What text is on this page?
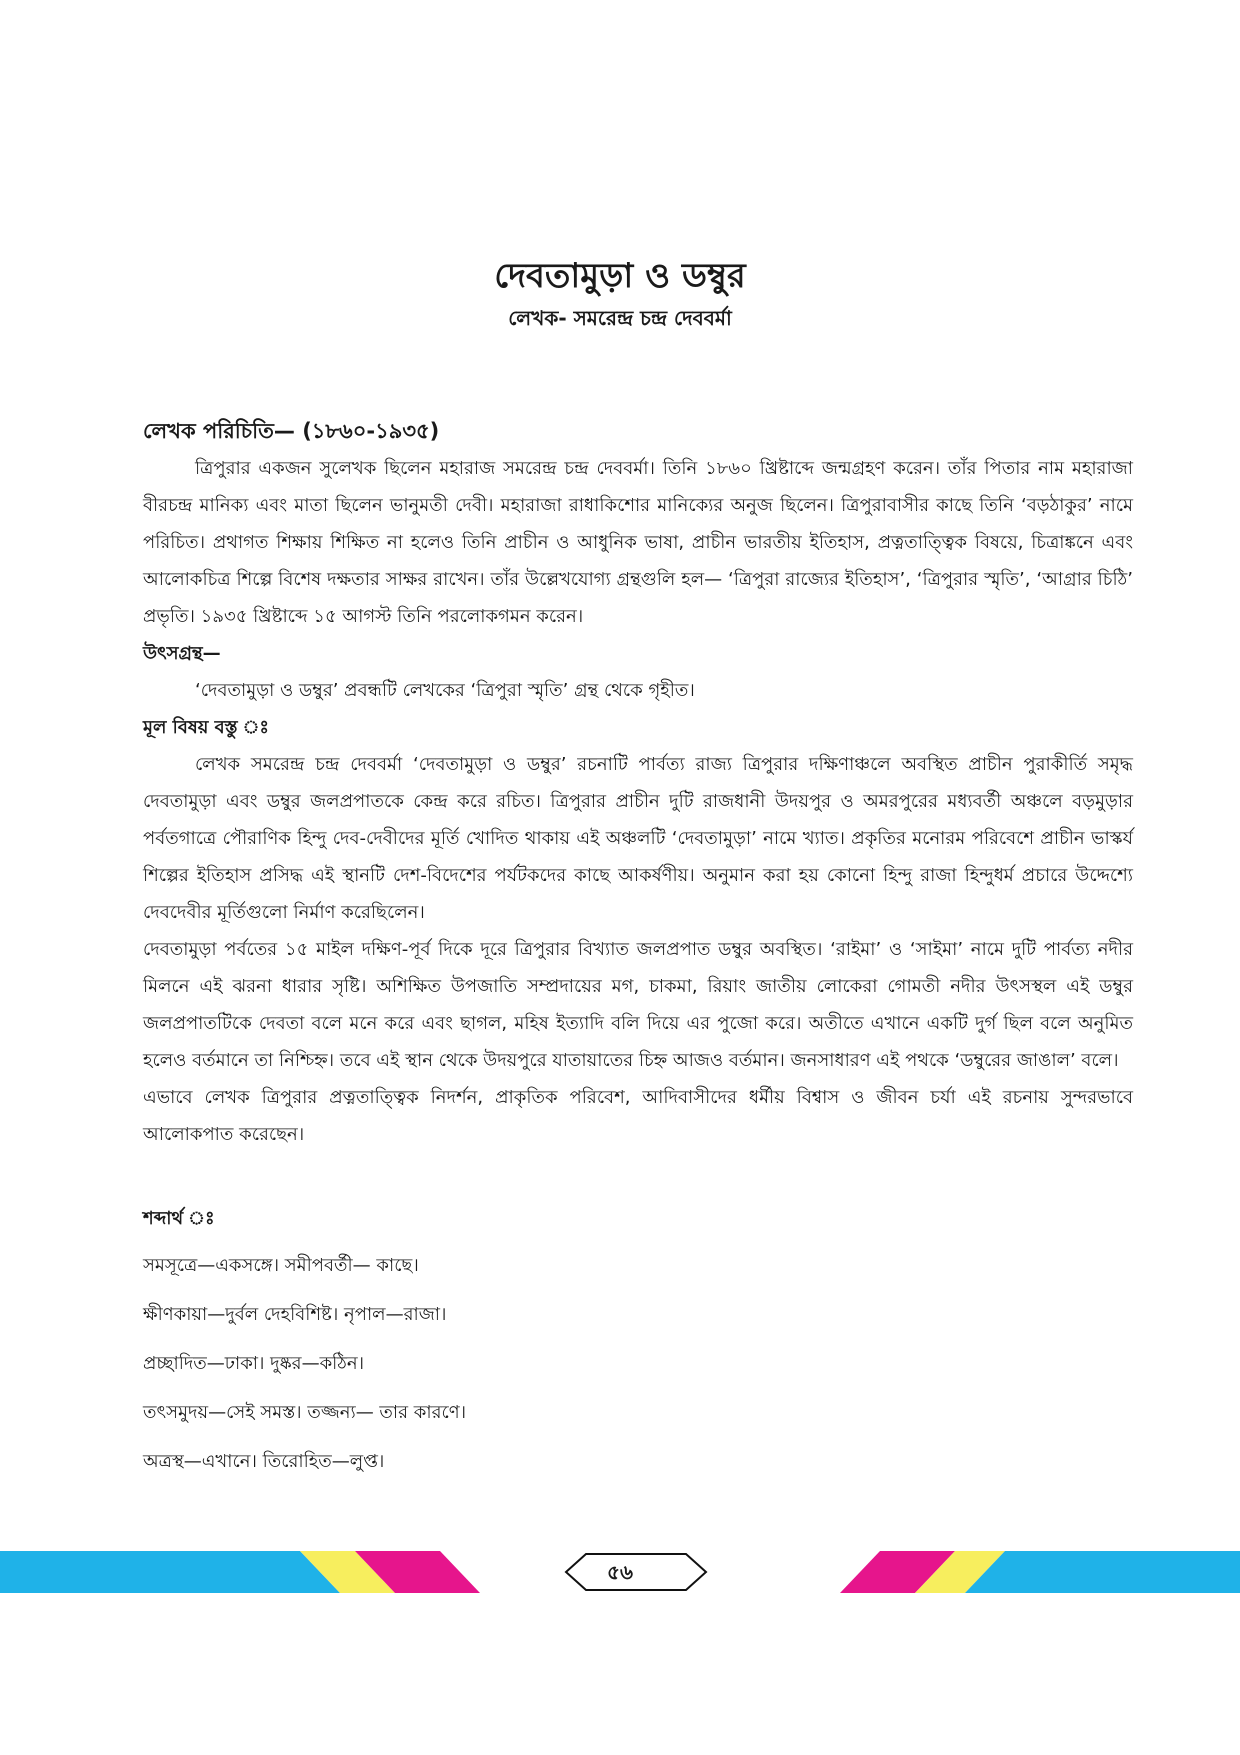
দেবতামুড়া ও ডম্বুর
লেখক- সমরেন্দ্র চন্দ্র দেববর্মা

লেখক পরিচিতি— (১৮৬০-১৯৩৫)

ত্রিপুরার একজন সুলেখক ছিলেন মহারাজ সমরেন্দ্র চন্দ্র দেববর্মা। তিনি ১৮৬০ খ্রিষ্টাব্দে জন্মগ্রহণ করেন। তাঁর পিতার নাম মহারাজা বীরচন্দ্র মানিক্য এবং মাতা ছিলেন ভানুমতী দেবী। মহারাজা রাধাকিশোর মানিক্যের অনুজ ছিলেন। ত্রিপুরাবাসীর কাছে তিনি ‘বড়ঠাকুর’ নামে পরিচিত। প্রথাগত শিক্ষায় শিক্ষিত না হলেও তিনি প্রাচীন ও আধুনিক ভাষা, প্রাচীন ভারতীয় ইতিহাস, প্রত্নতাত্ত্বিক বিষয়ে, চিত্রাঙ্কনে এবং আলোকচিত্র শিল্পে বিশেষ দক্ষতার সাক্ষর রাখেন। তাঁর উল্লেখযোগ্য গ্রন্থগুলি হল— ‘ত্রিপুরা রাজ্যের ইতিহাস’, ‘ত্রিপুরার স্মৃতি’, ‘আগ্রার চিঠি’ প্রভৃতি। ১৯৩৫ খ্রিষ্টাব্দে ১৫ আগস্ট তিনি পরলোকগমন করেন।

উৎসগ্রন্থ—

‘দেবতামুড়া ও ডম্বুর’ প্রবন্ধটি লেখকের ‘ত্রিপুরা স্মৃতি’ গ্রন্থ থেকে গৃহীত।

মূল বিষয় বস্তু ঃ

লেখক সমরেন্দ্র চন্দ্র দেববর্মা ‘দেবতামুড়া ও ডম্বুর’ রচনাটি পার্বত্য রাজ্য ত্রিপুরার দক্ষিণাঞ্চলে অবস্থিত প্রাচীন পুরাকীর্তি সমৃদ্ধ দেবতামুড়া এবং ডম্বুর জলপ্রপাতকে কেন্দ্র করে রচিত। ত্রিপুরার প্রাচীন দুটি রাজধানী উদয়পুর ও অমরপুরের মধ্যবর্তী অঞ্চলে বড়মুড়ার পর্বতগাত্রে পৌরাণিক হিন্দু দেব-দেবীদের মূর্তি খোদিত থাকায় এই অঞ্চলটি ‘দেবতামুড়া’ নামে খ্যাত। প্রকৃতির মনোরম পরিবেশে প্রাচীন ভাস্কর্য শিল্পের ইতিহাস প্রসিদ্ধ এই স্থানটি দেশ-বিদেশের পর্যটকদের কাছে আকর্ষণীয়। অনুমান করা হয় কোনো হিন্দু রাজা হিন্দুধর্ম প্রচারে উদ্দেশ্যে দেবদেবীর মূর্তিগুলো নির্মাণ করেছিলেন।

দেবতামুড়া পর্বতের ১৫ মাইল দক্ষিণ-পূর্ব দিকে দূরে ত্রিপুরার বিখ্যাত জলপ্রপাত ডম্বুর অবস্থিত। ‘রাইমা’ ও ‘সাইমা’ নামে দুটি পার্বত্য নদীর মিলনে এই ঝরনা ধারার সৃষ্টি। অশিক্ষিত উপজাতি সম্প্রদায়ের মগ, চাকমা, রিয়াং জাতীয় লোকেরা গোমতী নদীর উৎসস্থল এই ডম্বুর জলপ্রপাতটিকে দেবতা বলে মনে করে এবং ছাগল, মহিষ ইত্যাদি বলি দিয়ে এর পুজো করে। অতীতে এখানে একটি দুর্গ ছিল বলে অনুমিত হলেও বর্তমানে তা নিশ্চিহ্ন। তবে এই স্থান থেকে উদয়পুরে যাতায়াতের চিহ্ন আজও বর্তমান। জনসাধারণ এই পথকে ‘ডম্বুরের জাঙাল’ বলে।

এভাবে লেখক ত্রিপুরার প্রত্নতাত্ত্বিক নিদর্শন, প্রাকৃতিক পরিবেশ, আদিবাসীদের ধর্মীয় বিশ্বাস ও জীবন চর্যা এই রচনায় সুন্দরভাবে আলোকপাত করেছেন।

শব্দার্থ ঃ

সমসূত্রে—একসঙ্গে। সমীপবর্তী— কাছে।

ক্ষীণকায়া—দুর্বল দেহবিশিষ্ট। নৃপাল—রাজা।

প্রচ্ছাদিত—ঢাকা। দুষ্কর—কঠিন।

তৎসমুদয়—সেই সমস্ত। তজ্জন্য— তার কারণে।

অত্রস্থ—এখানে। তিরোহিত—লুপ্ত।

৫৬
